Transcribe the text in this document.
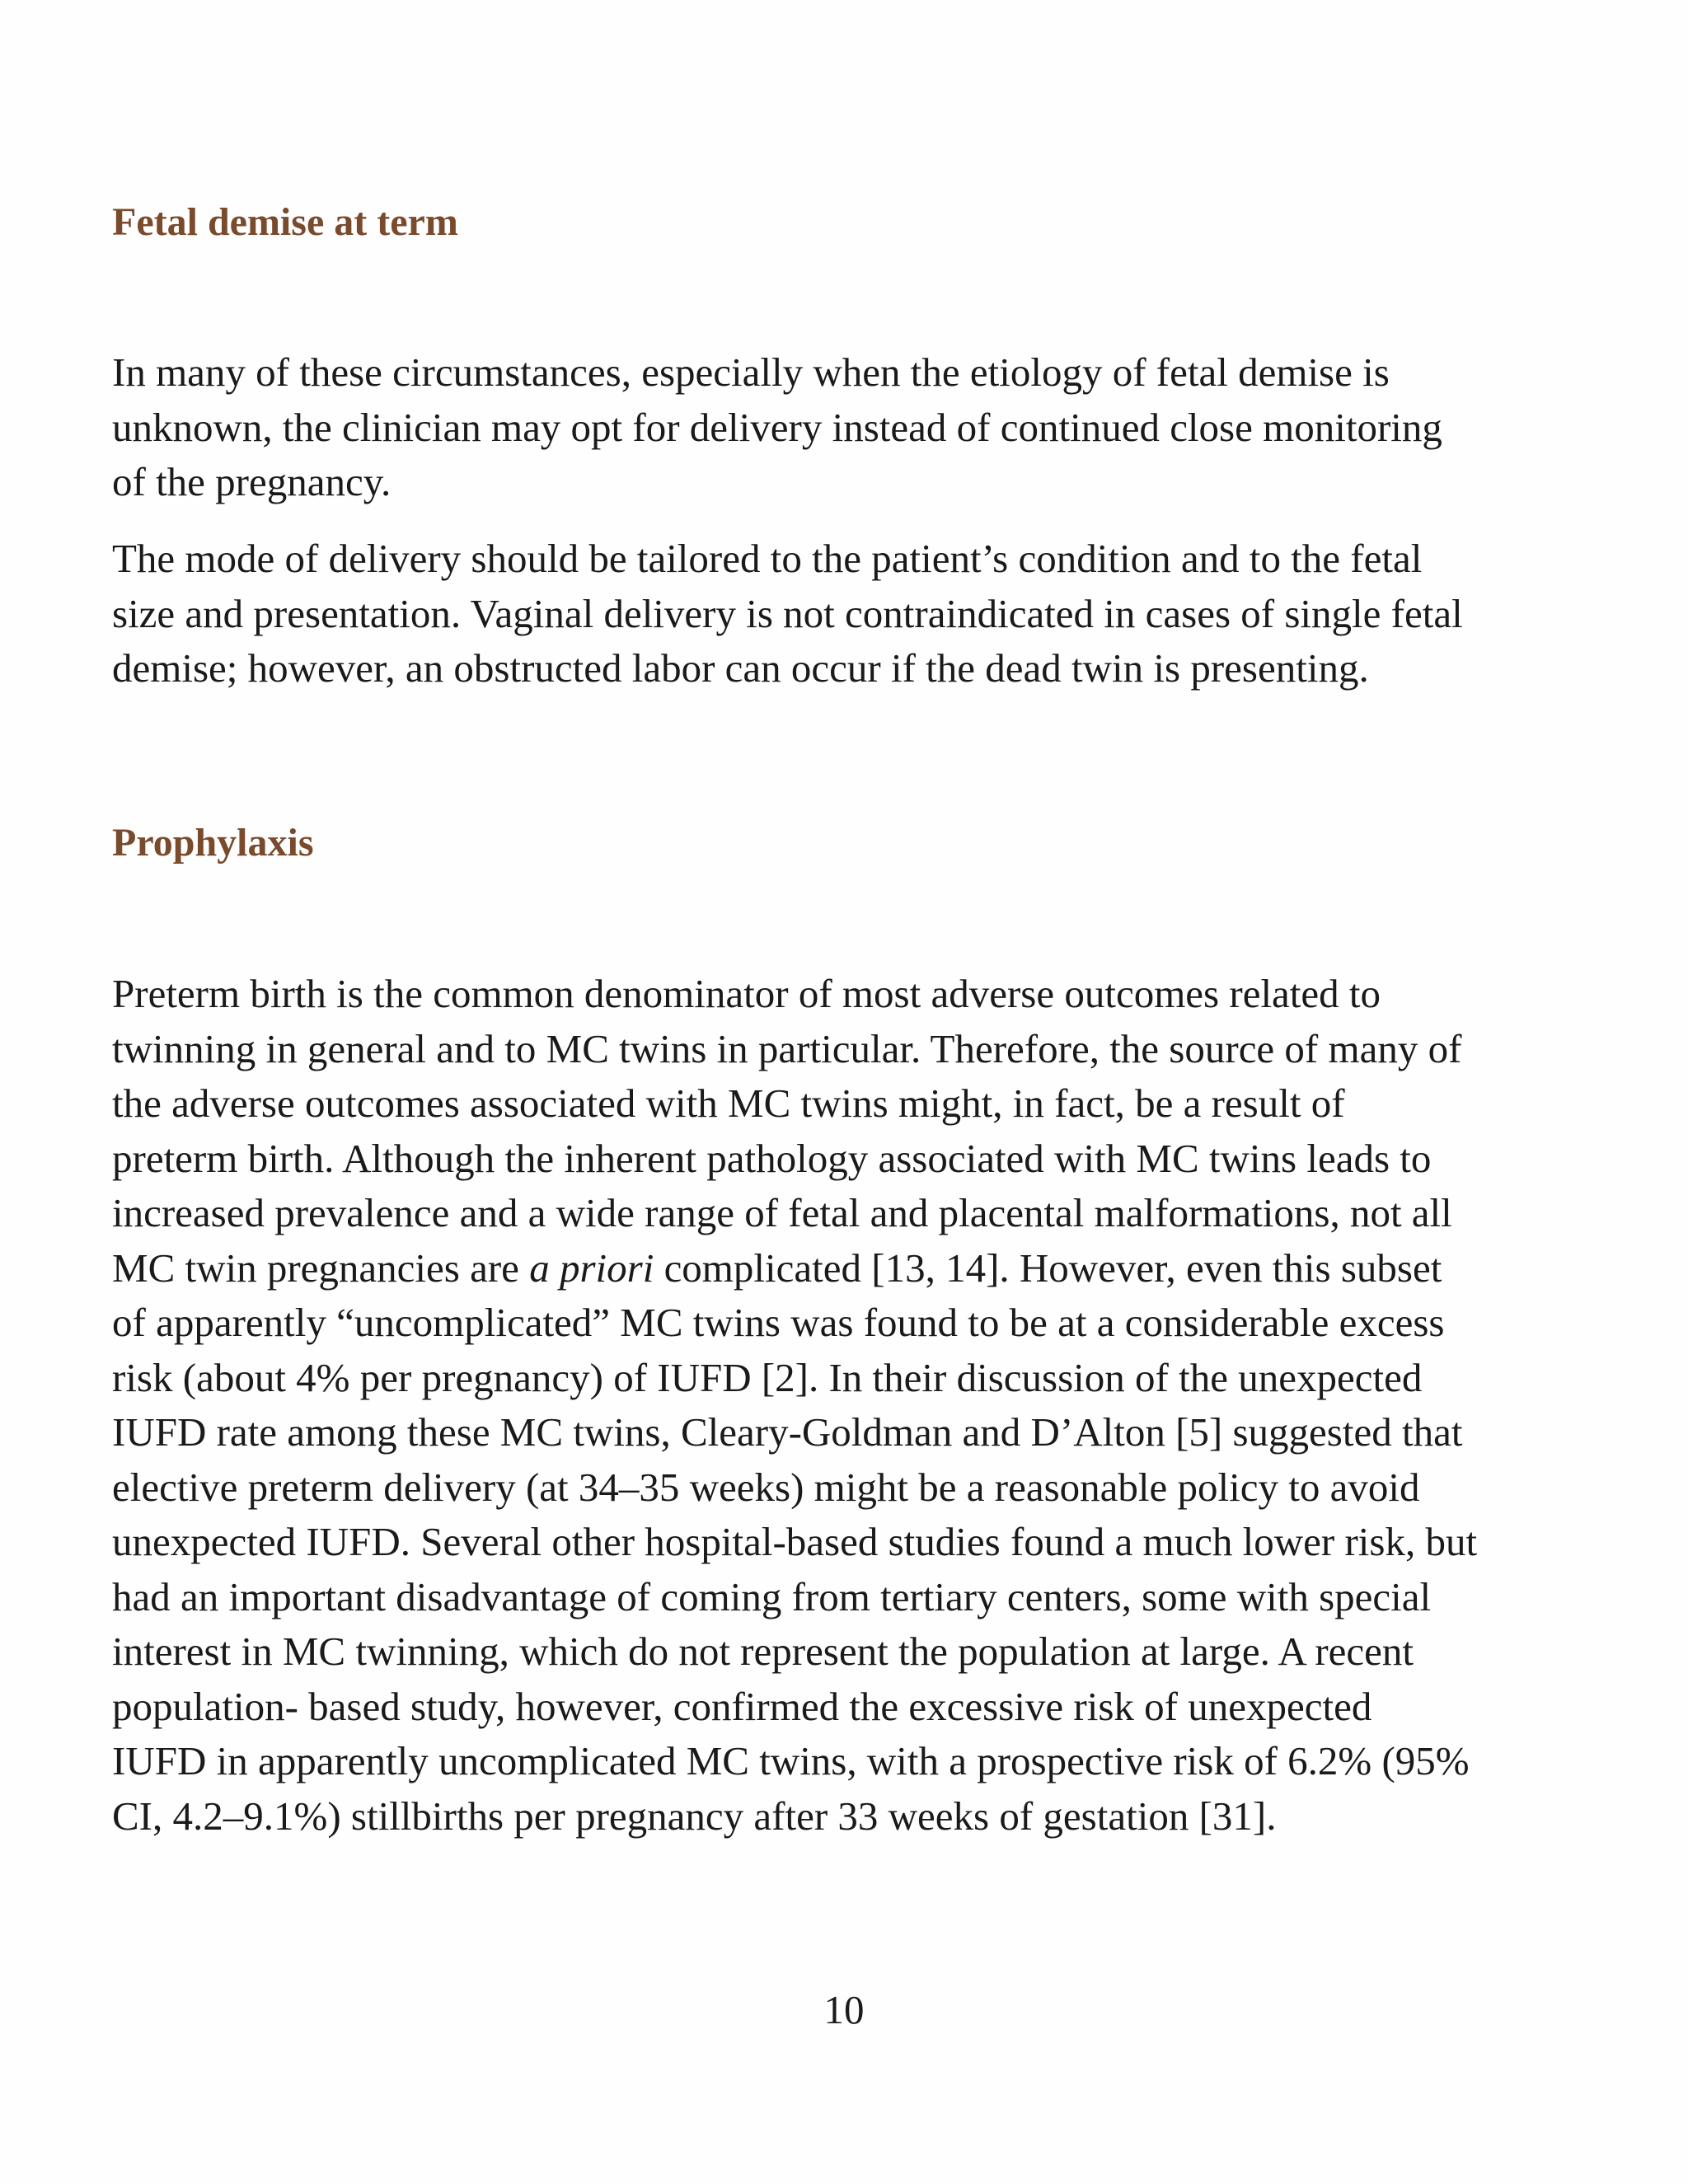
Fetal demise at term

In many of these circumstances, especially when the etiology of fetal demise is
unknown, the clinician may opt for delivery instead of continued close monitoring
of the pregnancy.

The mode of delivery should be tailored to the patient’s condition and to the fetal
size and presentation. Vaginal delivery is not contraindicated in cases of single fetal
demise; however, an obstructed labor can occur if the dead twin is presenting.

Prophylaxis

Preterm birth is the common denominator of most adverse outcomes related to
twinning in general and to MC twins in particular. Therefore, the source of many of
the adverse outcomes associated with MC twins might, in fact, be a result of
preterm birth. Although the inherent pathology associated with MC twins leads to
increased prevalence and a wide range of fetal and placental malformations, not all
MC twin pregnancies are a priori complicated [13, 14]. However, even this subset
of apparently “uncomplicated” MC twins was found to be at a considerable excess
risk (about 4% per pregnancy) of IUFD [2]. In their discussion of the unexpected
IUFD rate among these MC twins, Cleary-Goldman and D’Alton [5] suggested that
elective preterm delivery (at 34–35 weeks) might be a reasonable policy to avoid
unexpected IUFD. Several other hospital-based studies found a much lower risk, but
had an important disadvantage of coming from tertiary centers, some with special
interest in MC twinning, which do not represent the population at large. A recent
population- based study, however, confirmed the excessive risk of unexpected
IUFD in apparently uncomplicated MC twins, with a prospective risk of 6.2% (95%
CI, 4.2–9.1%) stillbirths per pregnancy after 33 weeks of gestation [31].

10
